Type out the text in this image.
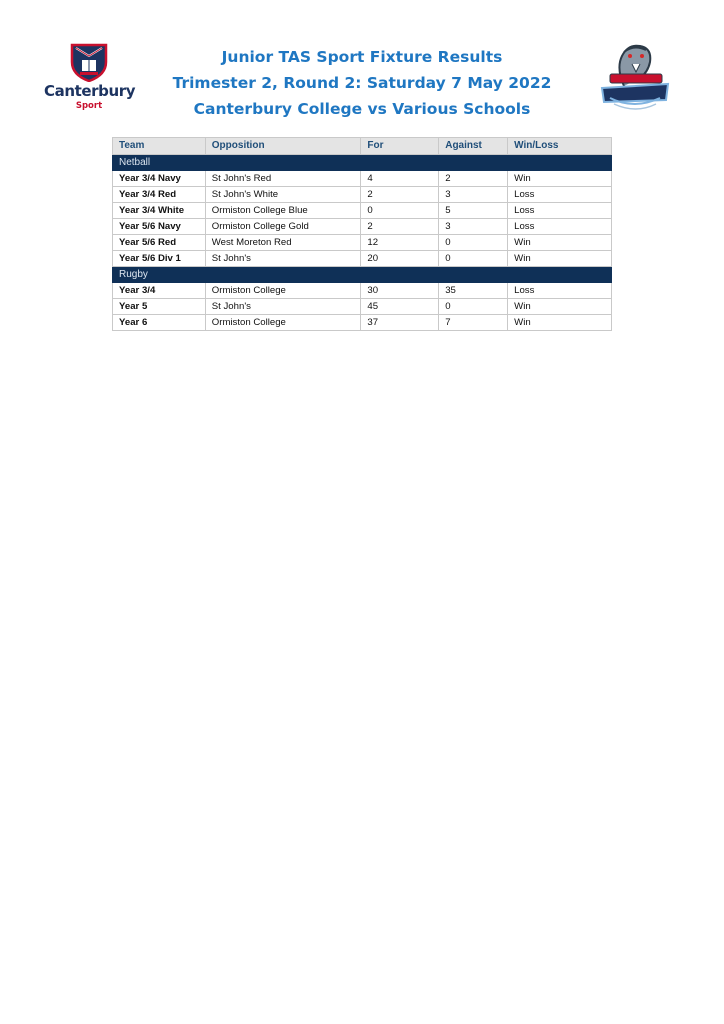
Canterbury
Sport
Junior TAS Sport Fixture Results
Trimester 2, Round 2: Saturday 7 May 2022
Canterbury College vs Various Schools
Team	Opposition	For	Against	Win/Loss
Netball				
Year 3/4 Navy	St John's Red	4	2	Win
Year 3/4 Red	St John's White	2	3	Loss
Year 3/4 White	Ormiston College Blue	0	5	Loss
Year 5/6 Navy	Ormiston College Gold	2	3	Loss
Year 5/6 Red	West Moreton Red	12	0	Win
Year 5/6 Div 1	St John's	20	0	Win
Rugby				
Year 3/4	Ormiston College	30	35	Loss
Year 5	St John's	45	0	Win
Year 6	Ormiston College	37	7	Win
